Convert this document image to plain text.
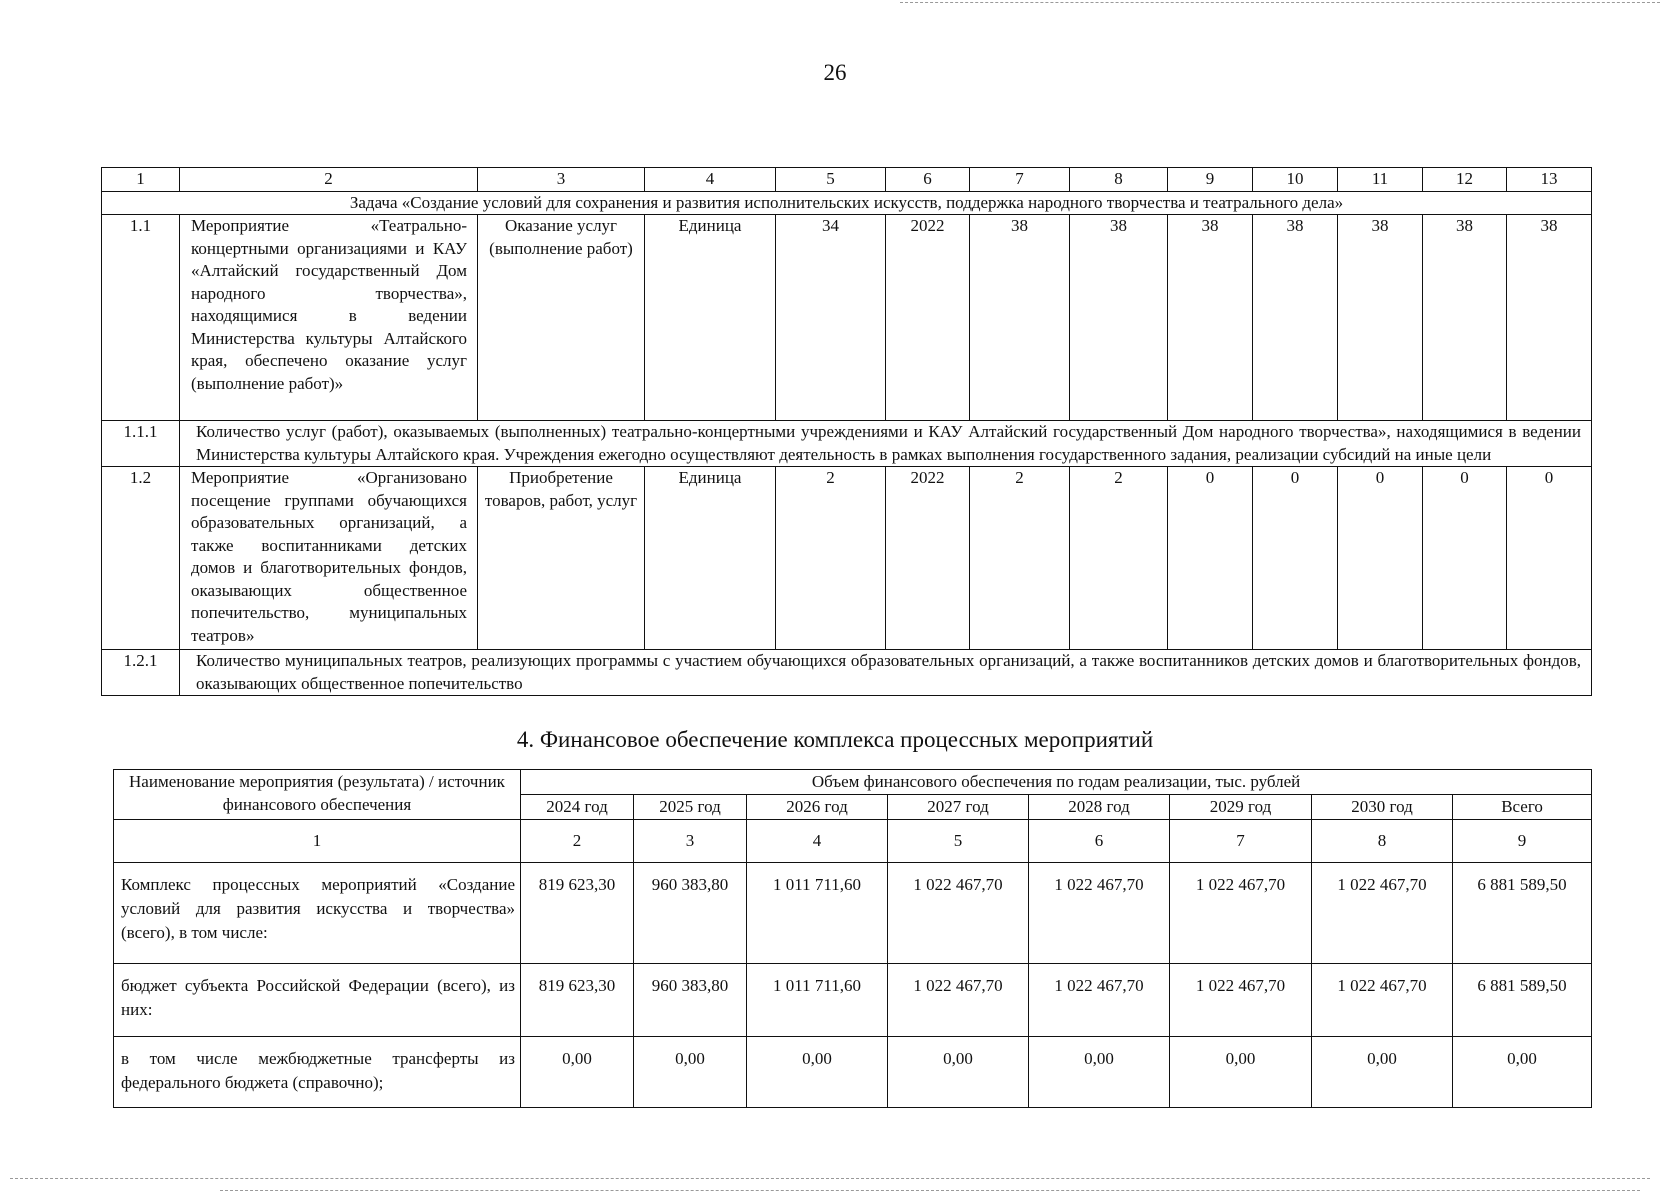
26
1	2	3	4	5	6	7	8	9	10	11	12	13
Задача «Создание условий для сохранения и развития исполнительских искусств, поддержка народного творчества и театрального дела»												
1.1	Мероприятие «Театрально-концертными организациями и КАУ «Алтайский государственный Дом народного творчества», находящимися в ведении Министерства культуры Алтайского края, обеспечено оказание услуг (выполнение работ)»	Оказание услуг (выполнение работ)	Единица	34	2022	38	38	38	38	38	38	38
1.1.1	Количество услуг (работ), оказываемых (выполненных) театрально-концертными учреждениями и КАУ Алтайский государственный Дом народного творчества», находящимися в ведении Министерства культуры Алтайского края. Учреждения ежегодно осуществляют деятельность в рамках выполнения государственного задания, реализации субсидий на иные цели											
1.2	Мероприятие «Организовано посещение группами обучающихся образовательных организаций, а также воспитанниками детских домов и благотворительных фондов, оказывающих общественное попечительство, муниципальных театров»	Приобретение товаров, работ, услуг	Единица	2	2022	2	2	0	0	0	0	0
1.2.1	Количество муниципальных театров, реализующих программы с участием обучающихся образовательных организаций, а также воспитанников детских домов и благотворительных фондов, оказывающих общественное попечительство											
4. Финансовое обеспечение комплекса процессных мероприятий
Наименование мероприятия (результата) / источник финансового обеспечения	Объем финансового обеспечения по годам реализации, тыс. рублей							
	2024 год	2025 год	2026 год	2027 год	2028 год	2029 год	2030 год	Всего
1	2	3	4	5	6	7	8	9
Комплекс процессных мероприятий «Создание условий для развития искусства и творчества» (всего), в том числе:	819 623,30	960 383,80	1 011 711,60	1 022 467,70	1 022 467,70	1 022 467,70	1 022 467,70	6 881 589,50
бюджет субъекта Российской Федерации (всего), из них:	819 623,30	960 383,80	1 011 711,60	1 022 467,70	1 022 467,70	1 022 467,70	1 022 467,70	6 881 589,50
в том числе межбюджетные трансферты из федерального бюджета (справочно);	0,00	0,00	0,00	0,00	0,00	0,00	0,00	0,00
